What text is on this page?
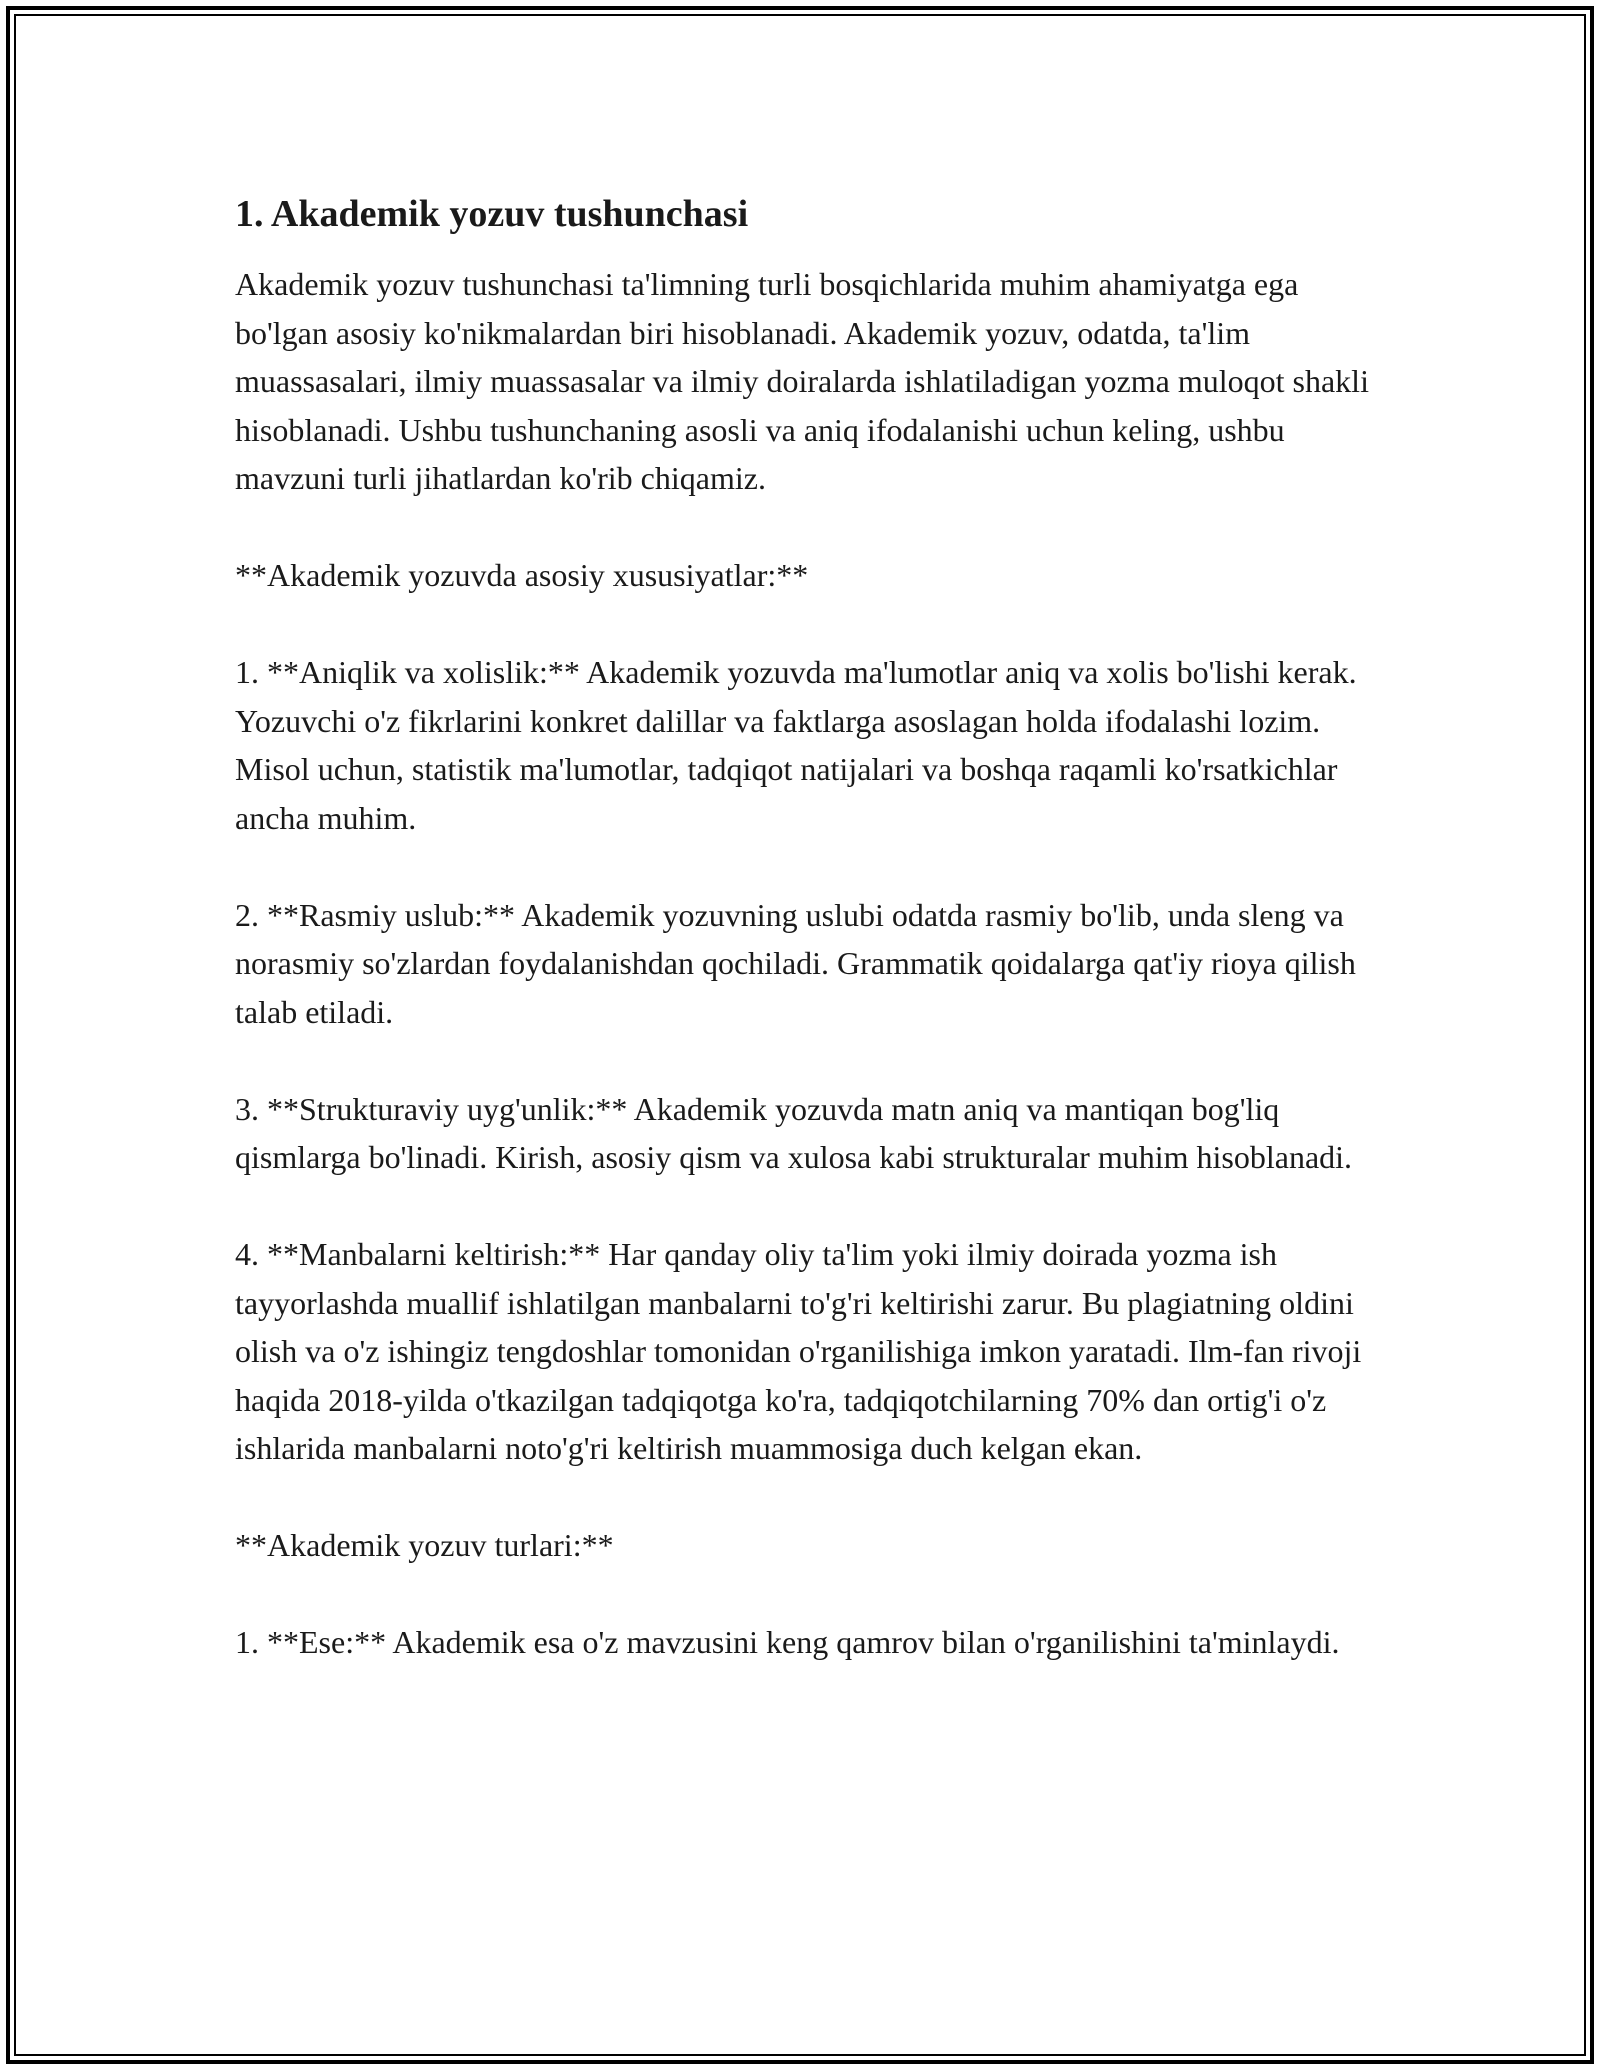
1. Akademik yozuv tushunchasi

Akademik yozuv tushunchasi ta'limning turli bosqichlarida muhim ahamiyatga ega bo'lgan asosiy ko'nikmalardan biri hisoblanadi. Akademik yozuv, odatda, ta'lim muassasalari, ilmiy muassasalar va ilmiy doiralarda ishlatiladigan yozma muloqot shakli hisoblanadi. Ushbu tushunchaning asosli va aniq ifodalanishi uchun keling, ushbu mavzuni turli jihatlardan ko'rib chiqamiz.

**Akademik yozuvda asosiy xususiyatlar:**

1. **Aniqlik va xolislik:** Akademik yozuvda ma'lumotlar aniq va xolis bo'lishi kerak. Yozuvchi o'z fikrlarini konkret dalillar va faktlarga asoslagan holda ifodalashi lozim. Misol uchun, statistik ma'lumotlar, tadqiqot natijalari va boshqa raqamli ko'rsatkichlar ancha muhim.

2. **Rasmiy uslub:** Akademik yozuvning uslubi odatda rasmiy bo'lib, unda sleng va norasmiy so'zlardan foydalanishdan qochiladi. Grammatik qoidalarga qat'iy rioya qilish talab etiladi.

3. **Strukturaviy uyg'unlik:** Akademik yozuvda matn aniq va mantiqan bog'liq qismlarga bo'linadi. Kirish, asosiy qism va xulosa kabi strukturalar muhim hisoblanadi.

4. **Manbalarni keltirish:** Har qanday oliy ta'lim yoki ilmiy doirada yozma ish tayyorlashda muallif ishlatilgan manbalarni to'g'ri keltirishi zarur. Bu plagiatning oldini olish va o'z ishingiz tengdoshlar tomonidan o'rganilishiga imkon yaratadi. Ilm-fan rivoji haqida 2018-yilda o'tkazilgan tadqiqotga ko'ra, tadqiqotchilarning 70% dan ortig'i o'z ishlarida manbalarni noto'g'ri keltirish muammosiga duch kelgan ekan.

**Akademik yozuv turlari:**

1. **Ese:** Akademik esa o'z mavzusini keng qamrov bilan o'rganilishini ta'minlaydi.
